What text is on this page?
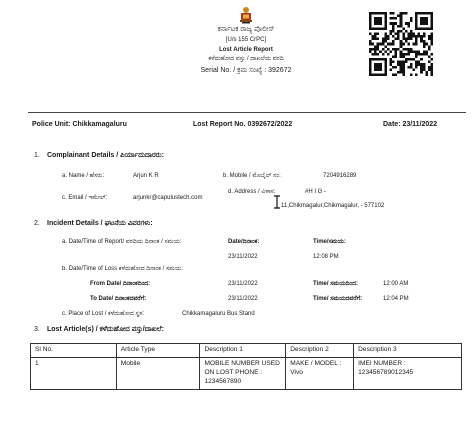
ಕರ್ನಾಟಕ ರಾಜ್ಯ ಪೊಲೀಸ್
[U/s 155 CrPC]
Lost Article Report
ಕಳೆದುಹೋದ ವಸ್ತು / ದಾಖಲೆಯ ವರದಿ
Serial No. / ಕ್ರಮ ಸಂಖ್ಯೆ : 392672
Police Unit: Chikkamagaluru	Lost Report No. 0392672/2022	Date: 23/11/2022
1. Complainant Details / ಪಿರ್ಯಾದುದಾರರು:
a. Name / ಹೆಸರು:	Arjun K R	b. Mobile / ಮೊಬೈಲ್ ನಂ:	7204916289
c. Email / ಇಮೇಲ್:	arjunkr@capulustech.com
d. Address / ವಿಳಾಸ:	#H I G -
11,Chikmagalur,Chikmagalur, - 577102
2. Incident Details / ಘಟನೆಯ ವಿವರಗಳು:
a. Date/Time of Report/ ವರದಿಯ ದಿನಾಂಕ / ಸಮಯ:	Date/ದಿನಾಂಕ:	Time/ಸಮಯ:
23/11/2022	12:08 PM
b. Date/Time of Loss ಕಳೆದುಹೋದ ದಿನಾಂಕ / ಸಮಯ:
From Date/ ದಿನಾಂಕದಿಂದ:	23/11/2022	Time/ ಸಮಯದಿಂದ:	12:00 AM
To Date/ ದಿನಾಂಕದವರೆಗೆ:	23/11/2022	Time/ ಸಮಯದವರೆಗೆ:	12:04 PM
c. Place of Lost / ಕಳೆದುಹೋದ ಸ್ಥಳ:	Chikkamagaluru Bus Stand
3. Lost Article(s) / ಕಳೆದುಹೋದ ವಸ್ತು/ದಾಖಲೆ:
Sl No.	Article Type	Description 1	Description 2	Description 3
1	Mobile	MOBILE NUMBER USED ON LOST PHONE : 1234567890	MAKE / MODEL : Vivo	IMEI NUMBER : 123456789012345
